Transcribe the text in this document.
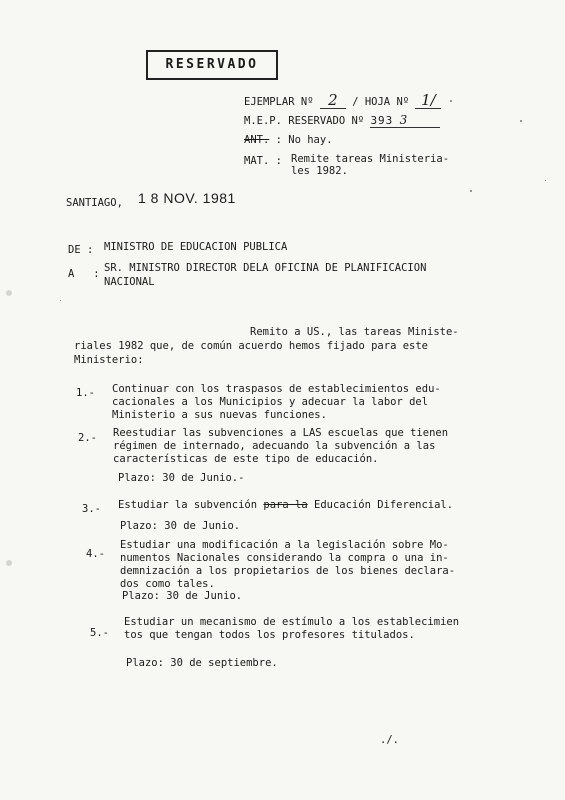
RESERVADO
EJEMPLAR Nº 2 / HOJA Nº 1/
M.E.P. RESERVADO Nº 393 3
ANT. : No hay.
MAT. : Remite tareas Ministeria-
les 1982.
SANTIAGO, 1 8 NOV. 1981
DE : MINISTRO DE EDUCACION PUBLICA
A   : SR. MINISTRO DIRECTOR DELA OFICINA DE PLANIFICACION
NACIONAL
Remito a US., las tareas Ministe-
riales 1982 que, de común acuerdo hemos fijado para este
Ministerio:
1.- Continuar con los traspasos de establecimientos edu-
cacionales a los Municipios y adecuar la labor del
Ministerio a sus nuevas funciones.
2.- Reestudiar las subvenciones a LAS escuelas que tienen
régimen de internado, adecuando la subvención a las
características de este tipo de educación.
Plazo: 30 de Junio.-
3.- Estudiar la subvención para la Educación Diferencial.
Plazo: 30 de Junio.
4.-
Estudiar una modificación a la legislación sobre Mo-
numentos Nacionales considerando la compra o una in-
demnización a los propietarios de los bienes declara-
dos como tales.
Plazo: 30 de Junio.
5.-
Estudiar un mecanismo de estímulo a los establecimien
tos que tengan todos los profesores titulados.
Plazo: 30 de septiembre.
./.
